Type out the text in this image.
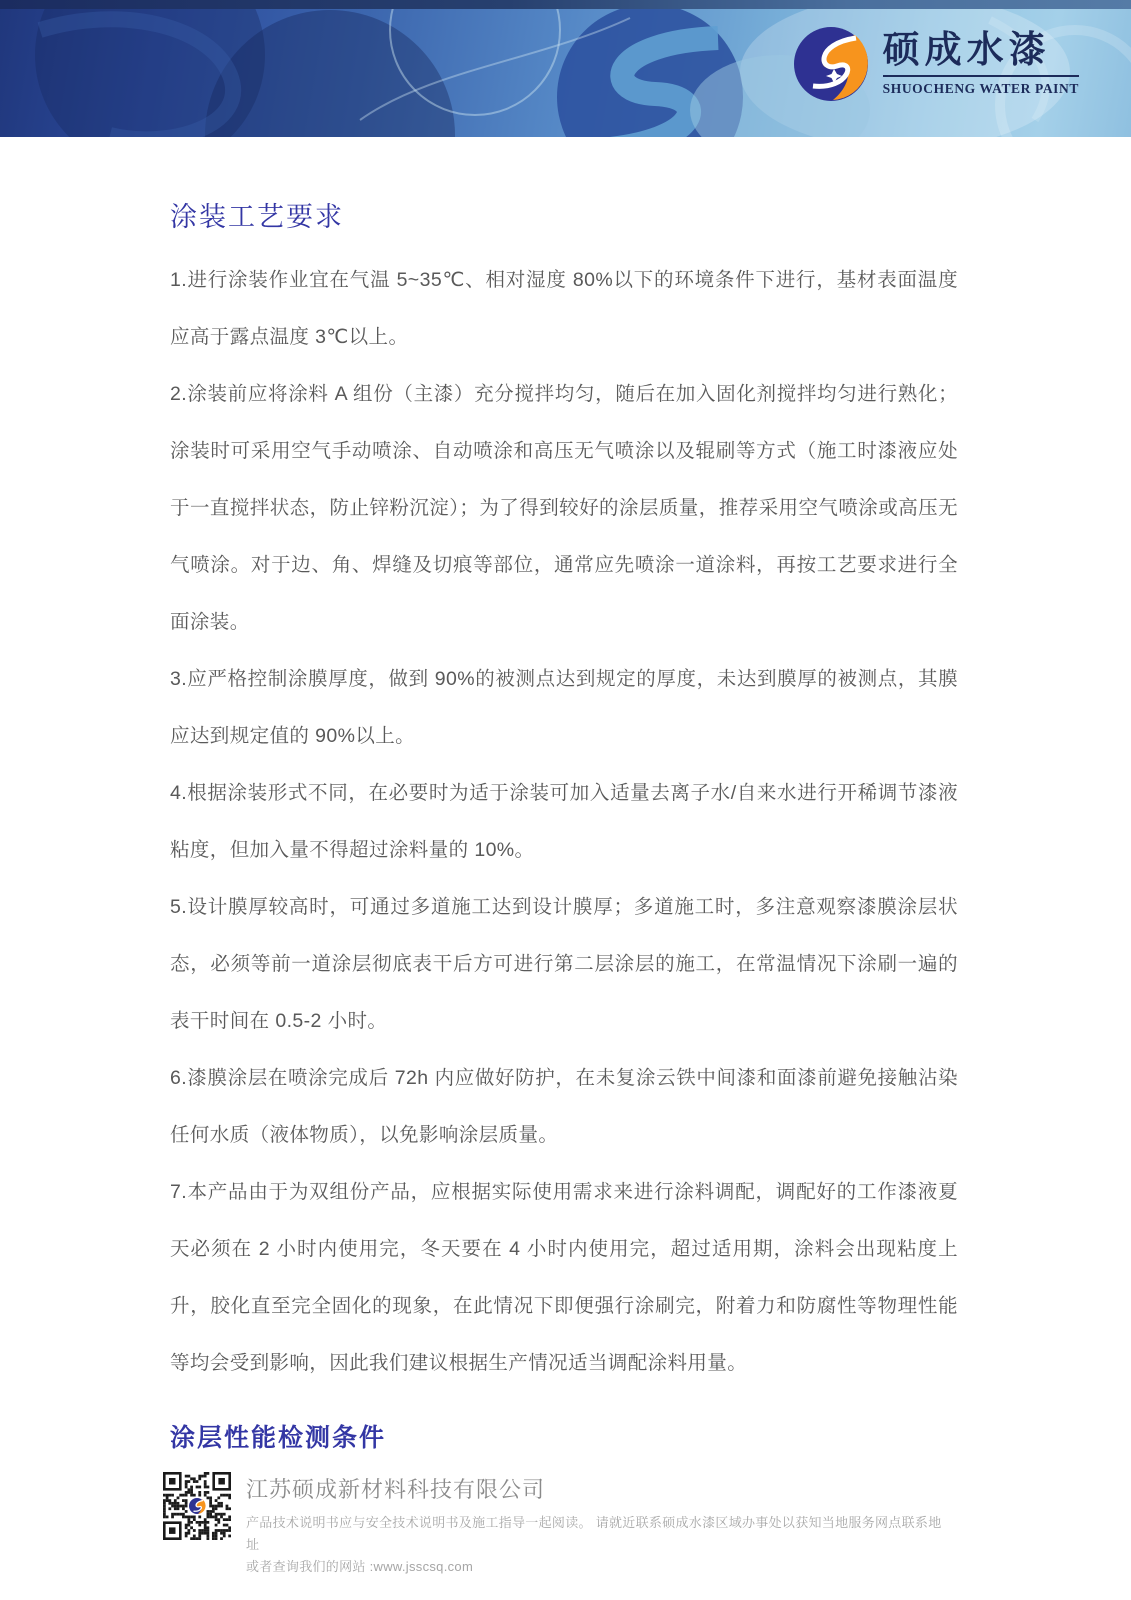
硕成水漆
SHUOCHENG WATER PAINT
涂装工艺要求

1.进行涂装作业宜在气温 5~35℃、相对湿度 80%以下的环境条件下进行，基材表面温度应高于露点温度 3℃以上。

2.涂装前应将涂料 A 组份（主漆）充分搅拌均匀，随后在加入固化剂搅拌均匀进行熟化；涂装时可采用空气手动喷涂、自动喷涂和高压无气喷涂以及辊刷等方式（施工时漆液应处于一直搅拌状态，防止锌粉沉淀）；为了得到较好的涂层质量，推荐采用空气喷涂或高压无气喷涂。对于边、角、焊缝及切痕等部位，通常应先喷涂一道涂料，再按工艺要求进行全面涂装。

3.应严格控制涂膜厚度，做到 90%的被测点达到规定的厚度，未达到膜厚的被测点，其膜应达到规定值的 90%以上。

4.根据涂装形式不同，在必要时为适于涂装可加入适量去离子水/自来水进行开稀调节漆液粘度，但加入量不得超过涂料量的 10%。

5.设计膜厚较高时，可通过多道施工达到设计膜厚；多道施工时，多注意观察漆膜涂层状态，必须等前一道涂层彻底表干后方可进行第二层涂层的施工，在常温情况下涂刷一遍的表干时间在 0.5-2 小时。

6.漆膜涂层在喷涂完成后 72h 内应做好防护，在未复涂云铁中间漆和面漆前避免接触沾染任何水质（液体物质），以免影响涂层质量。

7.本产品由于为双组份产品，应根据实际使用需求来进行涂料调配，调配好的工作漆液夏天必须在 2 小时内使用完，冬天要在 4 小时内使用完，超过适用期，涂料会出现粘度上升，胶化直至完全固化的现象，在此情况下即便强行涂刷完，附着力和防腐性等物理性能等均会受到影响，因此我们建议根据生产情况适当调配涂料用量。

涂层性能检测条件
江苏硕成新材料科技有限公司
产品技术说明书应与安全技术说明书及施工指导一起阅读。 请就近联系硕成水漆区域办事处以获知当地服务网点联系地址
或者查询我们的网站 :www.jsscsq.com
